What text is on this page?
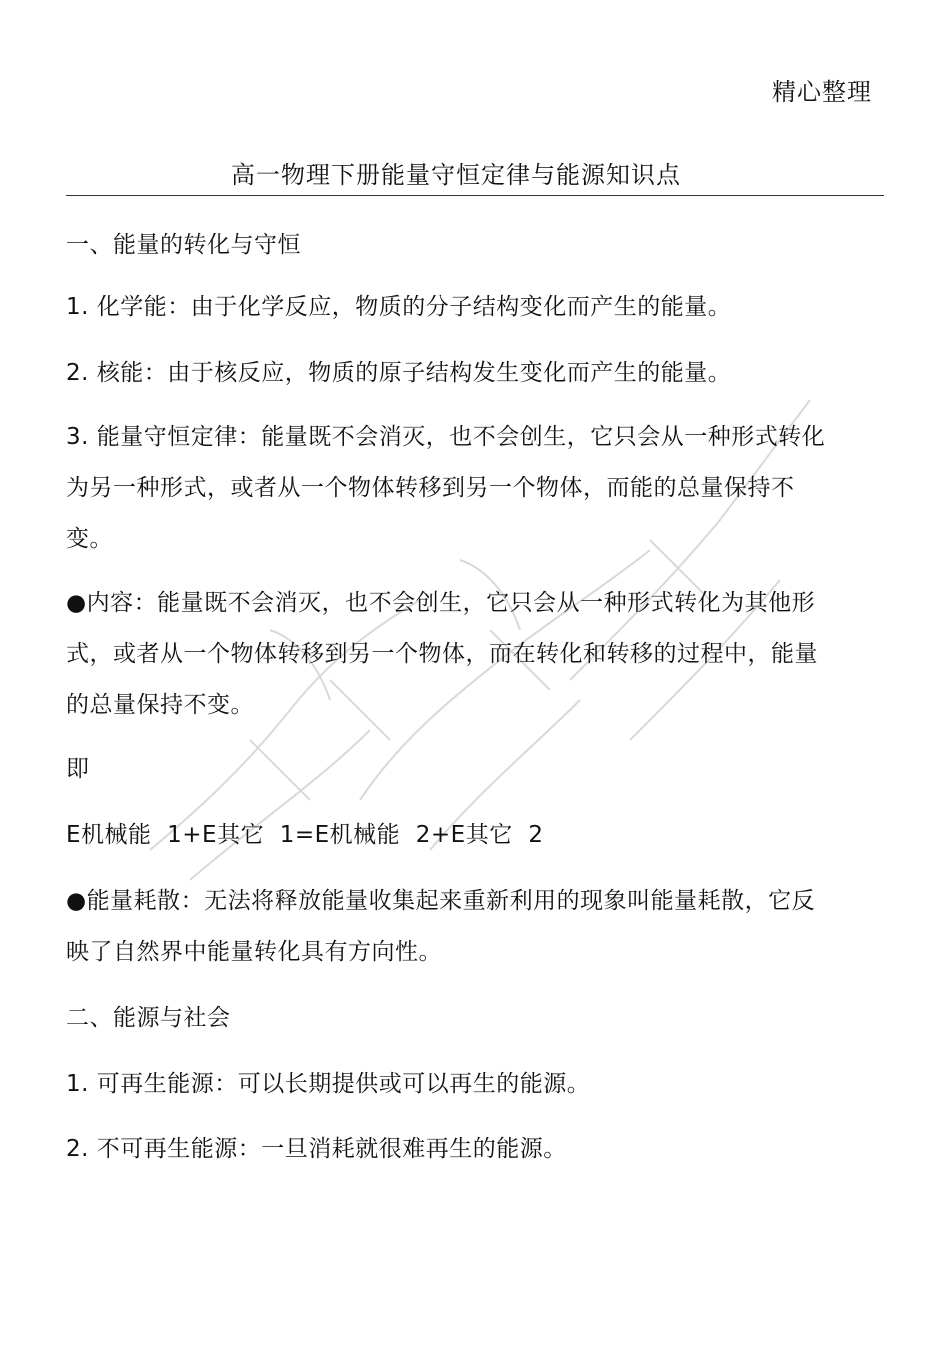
精心整理
高一物理下册能量守恒定律与能源知识点
一、能量的转化与守恒
1. 化学能：由于化学反应，物质的分子结构变化而产生的能量。
2. 核能：由于核反应，物质的原子结构发生变化而产生的能量。
3. 能量守恒定律：能量既不会消灭，也不会创生，它只会从一种形式转化为另一种形式，或者从一个物体转移到另一个物体，而能的总量保持不变。
●内容：能量既不会消灭，也不会创生，它只会从一种形式转化为其他形式，或者从一个物体转移到另一个物体，而在转化和转移的过程中，能量的总量保持不变。
即
E机械能  1+E其它  1=E机械能  2+E其它  2
●能量耗散：无法将释放能量收集起来重新利用的现象叫能量耗散，它反映了自然界中能量转化具有方向性。
二、能源与社会
1. 可再生能源：可以长期提供或可以再生的能源。
2. 不可再生能源：一旦消耗就很难再生的能源。
